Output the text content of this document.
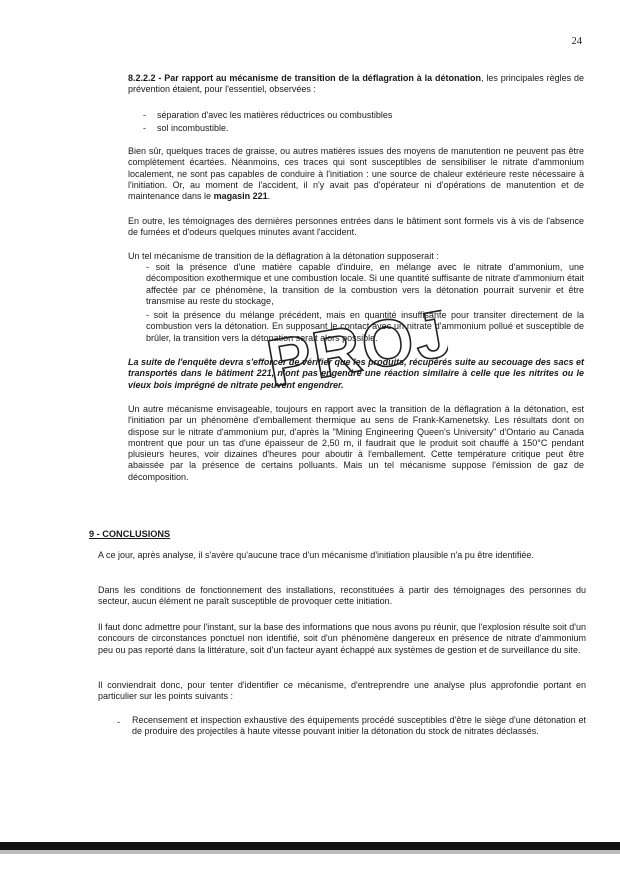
24
8.2.2.2 - Par rapport au mécanisme de transition de la déflagration à la détonation, les principales règles de prévention étaient, pour l'essentiel, observées :
- séparation d'avec les matières réductrices ou combustibles
- sol incombustible.
Bien sûr, quelques traces de graisse, ou autres matières issues des moyens de manutention ne peuvent pas être complètement écartées. Néanmoins, ces traces qui sont susceptibles de sensibiliser le nitrate d'ammonium localement, ne sont pas capables de conduire à l'initiation : une source de chaleur extérieure reste nécessaire à l'initiation. Or, au moment de l'accident, il n'y avait pas d'opérateur ni d'opérations de manutention et de maintenance dans le magasin 221.
En outre, les témoignages des dernières personnes entrées dans le bâtiment sont formels vis à vis de l'absence de fumées et d'odeurs quelques minutes avant l'accident.
Un tel mécanisme de transition de la déflagration à la détonation supposerait :
- soit la présence d'une matière capable d'induire, en mélange avec le nitrate d'ammonium, une décomposition exothermique et une combustion locale. Si une quantité suffisante de nitrate d'ammonium était affectée par ce phénomène, la transition de la combustion vers la détonation pourrait survenir et être transmise au reste du stockage,
- soit la présence du mélange précédent, mais en quantité insuffisante pour transiter directement de la combustion vers la détonation. En supposant le contact avec un nitrate d'ammonium pollué et susceptible de brûler, la transition vers la détonation serait alors possible.
La suite de l'enquête devra s'efforcer de vérifier que les produits, récupérés suite au secouage des sacs et transportés dans le bâtiment 221, n'ont pas engendré une réaction similaire à celle que les nitrites ou le vieux bois imprégné de nitrate peuvent engendrer.
Un autre mécanisme envisageable, toujours en rapport avec la transition de la déflagration à la détonation, est l'initiation par un phénomène d'emballement thermique au sens de Frank-Kamenetsky. Les résultats dont on dispose sur le nitrate d'ammonium pur, d'après la "Mining Engineering Queen's University" d'Ontario au Canada montrent que pour un tas d'une épaisseur de 2,50 m, il faudrait que le produit soit chauffé à 150°C pendant plusieurs heures, voir dizaines d'heures pour aboutir à l'emballement. Cette température critique peut être abaissée par la présence de certains polluants. Mais un tel mécanisme suppose l'émission de gaz de décomposition.
9 - CONCLUSIONS
A ce jour, après analyse, il s'avère qu'aucune trace d'un mécanisme d'initiation plausible n'a pu être identifiée.
Dans les conditions de fonctionnement des installations, reconstituées à partir des témoignages des personnes du secteur, aucun élément ne paraît susceptible de provoquer cette initiation.
Il faut donc admettre pour l'instant, sur la base des informations que nous avons pu réunir, que l'explosion résulte soit d'un concours de circonstances ponctuel non identifié, soit d'un phénomène dangereux en présence de nitrate d'ammonium peu ou pas reporté dans la littérature, soit d'un facteur ayant échappé aux systèmes de gestion et de surveillance du site.
Il conviendrait donc, pour tenter d'identifier ce mécanisme, d'entreprendre une analyse plus approfondie portant en particulier sur les points suivants :
- Recensement et inspection exhaustive des équipements procédé susceptibles d'être le siège d'une détonation et de produire des projectiles à haute vitesse pouvant initier la détonation du stock de nitrates déclassés.
PROJET
